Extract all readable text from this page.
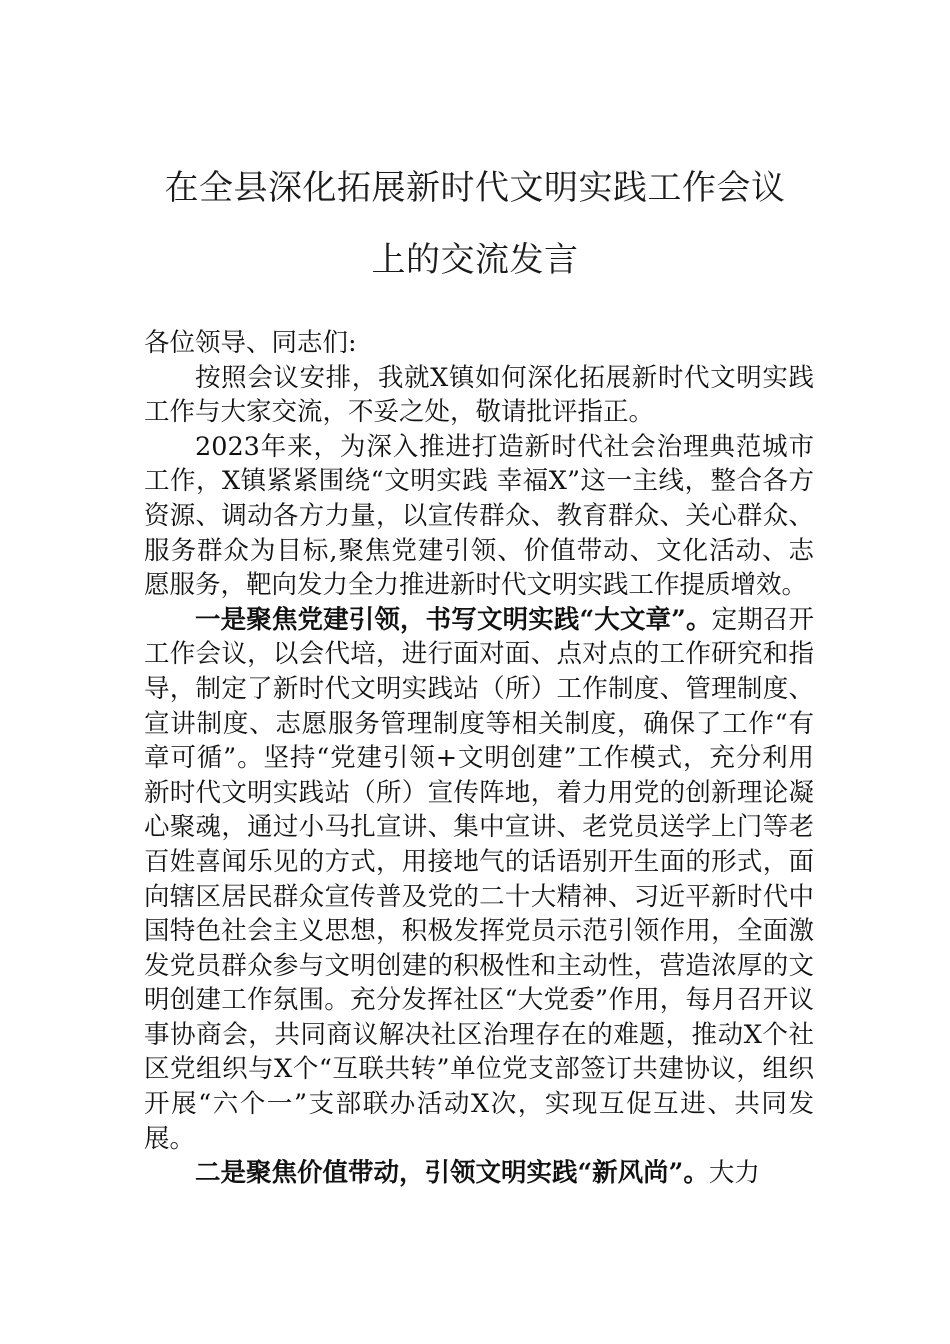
在全县深化拓展新时代文明实践工作会议
上的交流发言

各位领导、同志们:

按照会议安排，我就X镇如何深化拓展新时代文明实践工作与大家交流，不妥之处，敬请批评指正。

2023年来，为深入推进打造新时代社会治理典范城市工作，X镇紧紧围绕“文明实践 幸福X”这一主线，整合各方资源、调动各方力量，以宣传群众、教育群众、关心群众、服务群众为目标,聚焦党建引领、价值带动、文化活动、志愿服务，靶向发力全力推进新时代文明实践工作提质增效。

一是聚焦党建引领，书写文明实践“大文章”。定期召开工作会议，以会代培，进行面对面、点对点的工作研究和指导，制定了新时代文明实践站（所）工作制度、管理制度、宣讲制度、志愿服务管理制度等相关制度，确保了工作“有章可循”。坚持“党建引领+文明创建”工作模式，充分利用新时代文明实践站（所）宣传阵地，着力用党的创新理论凝心聚魂，通过小马扎宣讲、集中宣讲、老党员送学上门等老百姓喜闻乐见的方式，用接地气的话语别开生面的形式，面向辖区居民群众宣传普及党的二十大精神、习近平新时代中国特色社会主义思想，积极发挥党员示范引领作用，全面激发党员群众参与文明创建的积极性和主动性，营造浓厚的文明创建工作氛围。充分发挥社区“大党委”作用，每月召开议事协商会，共同商议解决社区治理存在的难题，推动X个社区党组织与X个“互联共转”单位党支部签订共建协议，组织开展“六个一”支部联办活动X次，实现互促互进、共同发展。

二是聚焦价值带动，引领文明实践“新风尚”。大力
